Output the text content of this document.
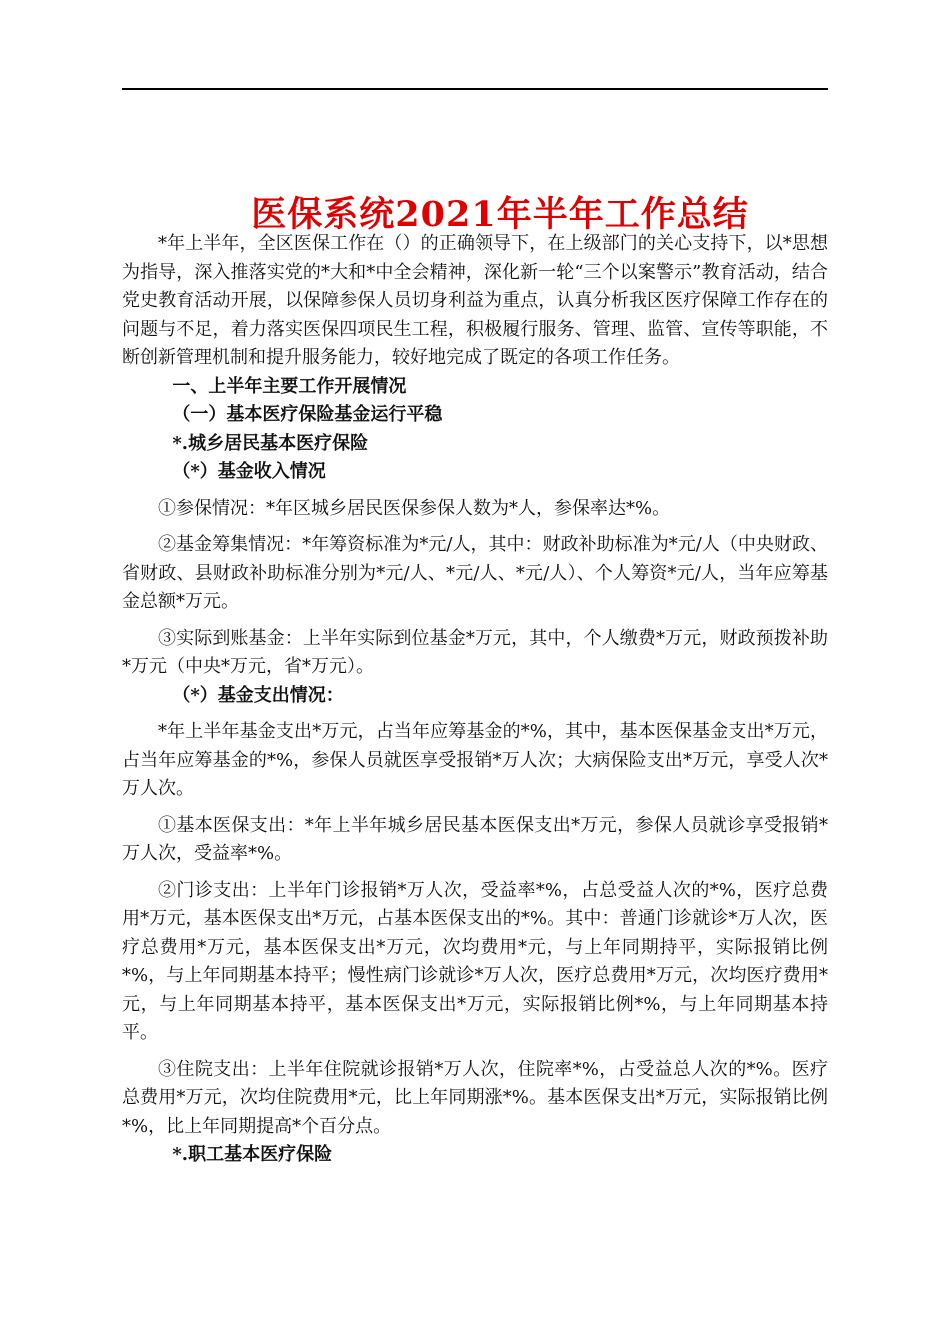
医保系统2021年半年工作总结

*年上半年，全区医保工作在（）的正确领导下，在上级部门的关心支持下，以*思想为指导，深入推落实党的*大和*中全会精神，深化新一轮“三个以案警示”教育活动，结合党史教育活动开展，以保障参保人员切身利益为重点，认真分析我区医疗保障工作存在的问题与不足，着力落实医保四项民生工程，积极履行服务、管理、监管、宣传等职能，不断创新管理机制和提升服务能力，较好地完成了既定的各项工作任务。

一、上半年主要工作开展情况

（一）基本医疗保险基金运行平稳

*.城乡居民基本医疗保险

（*）基金收入情况

①参保情况：*年区城乡居民医保参保人数为*人，参保率达*%。

②基金筹集情况：*年筹资标准为*元/人，其中：财政补助标准为*元/人（中央财政、省财政、县财政补助标准分别为*元/人、*元/人、*元/人）、个人筹资*元/人，当年应筹基金总额*万元。

③实际到账基金：上半年实际到位基金*万元，其中，个人缴费*万元，财政预拨补助*万元（中央*万元，省*万元）。

（*）基金支出情况：

*年上半年基金支出*万元，占当年应筹基金的*%，其中，基本医保基金支出*万元，占当年应筹基金的*%，参保人员就医享受报销*万人次；大病保险支出*万元，享受人次*万人次。

①基本医保支出：*年上半年城乡居民基本医保支出*万元，参保人员就诊享受报销*万人次，受益率*%。

②门诊支出：上半年门诊报销*万人次，受益率*%，占总受益人次的*%，医疗总费用*万元，基本医保支出*万元，占基本医保支出的*%。其中：普通门诊就诊*万人次，医疗总费用*万元，基本医保支出*万元，次均费用*元，与上年同期持平，实际报销比例*%，与上年同期基本持平；慢性病门诊就诊*万人次，医疗总费用*万元，次均医疗费用*元，与上年同期基本持平，基本医保支出*万元，实际报销比例*%，与上年同期基本持平。

③住院支出：上半年住院就诊报销*万人次，住院率*%，占受益总人次的*%。医疗总费用*万元，次均住院费用*元，比上年同期涨*%。基本医保支出*万元，实际报销比例*%，比上年同期提高*个百分点。

*.职工基本医疗保险
